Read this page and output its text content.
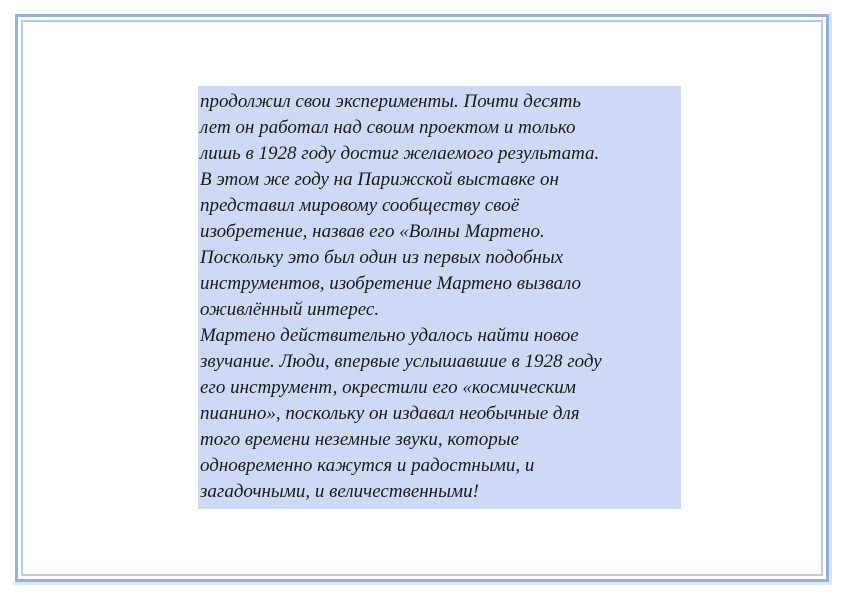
продолжил свои эксперименты. Почти десять
лет он работал над своим проектом и только
лишь в 1928 году достиг желаемого результата.
В этом же году на Парижской выставке он
представил мировому сообществу своё
изобретение, назвав его «Волны Мартено.
Поскольку это был один из первых подобных
инструментов, изобретение Мартено вызвало
оживлённый интерес.
Мартено действительно удалось найти новое
звучание. Люди, впервые услышавшие в 1928 году
его инструмент, окрестили его «космическим
пианино», поскольку он издавал необычные для
того времени неземные звуки, которые
одновременно кажутся и радостными, и
загадочными, и величественными!
